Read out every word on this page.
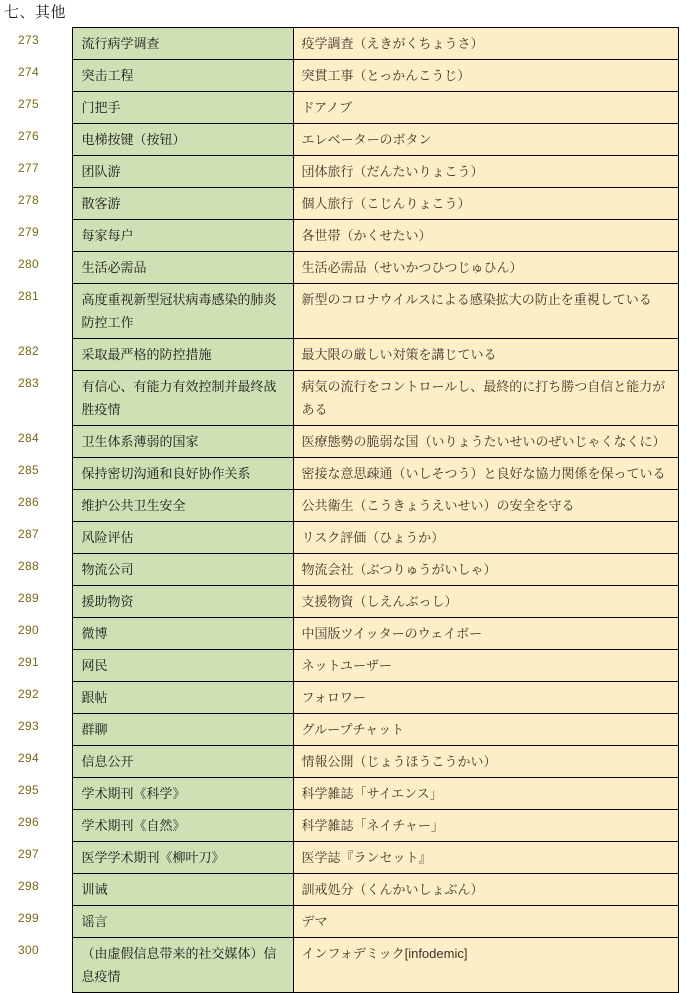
七、其他
273	流行病学调查	疫学調査（えきがくちょうさ）

274	突击工程	突貫工事（とっかんこうじ）

275	门把手	ドアノブ

276	电梯按键（按钮）	エレベーターのボタン

277	团队游	団体旅行（だんたいりょこう）

278	散客游	個人旅行（こじんりょこう）

279	每家每户	各世帯（かくせたい）

280	生活必需品	生活必需品（せいかつひつじゅひん）

281	高度重视新型冠状病毒感染的肺炎防控工作	新型のコロナウイルスによる感染拡大の防止を重視している

282	采取最严格的防控措施	最大限の厳しい対策を講じている

283	有信心、有能力有效控制并最终战胜疫情	病気の流行をコントロールし、最終的に打ち勝つ自信と能力がある

284	卫生体系薄弱的国家	医療態勢の脆弱な国（いりょうたいせいのぜいじゃくなくに）

285	保持密切沟通和良好协作关系	密接な意思疎通（いしそつう）と良好な協力関係を保っている

286	维护公共卫生安全	公共衛生（こうきょうえいせい）の安全を守る

287	风险评估	リスク評価（ひょうか）

288	物流公司	物流会社（ぶつりゅうがいしゃ）

289	援助物资	支援物資（しえんぶっし）

290	微博	中国版ツイッターのウェイボー

291	网民	ネットユーザー

292	跟帖	フォロワー

293	群聊	グループチャット

294	信息公开	情報公開（じょうほうこうかい）

295	学术期刊《科学》	科学雑誌「サイエンス」

296	学术期刊《自然》	科学雑誌「ネイチャー」

297	医学学术期刊《柳叶刀》	医学誌『ランセット』

298	训诫	訓戒処分（くんかいしょぶん）

299	谣言	デマ

300	（由虚假信息带来的社交媒体）信息疫情	インフォデミック[infodemic]
